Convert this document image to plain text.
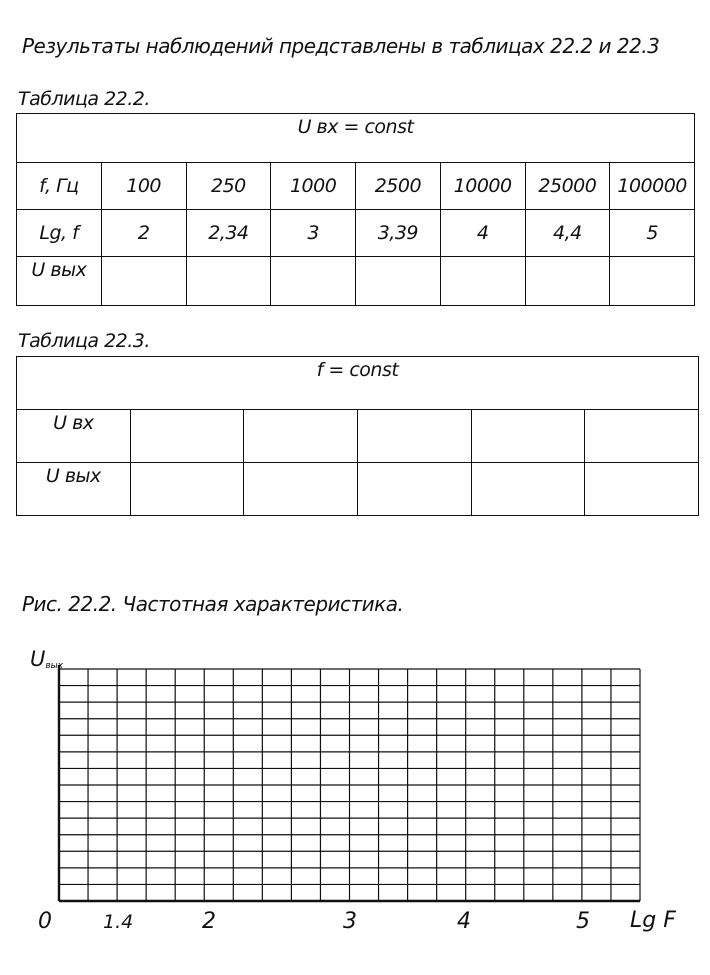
Результаты наблюдений представлены в таблицах 22.2 и 22.3
Таблица 22.2.
U вх = const							
f, Гц	100	250	1000	2500	10000	25000	100000
Lg, f	2	2,34	3	3,39	4	4,4	5
U вых							
Таблица 22.3.
f = const					
U вх					
U вых					
Рис. 22.2. Частотная характеристика.
0	1.4	2	3	4	5
Uвых
Lg F
